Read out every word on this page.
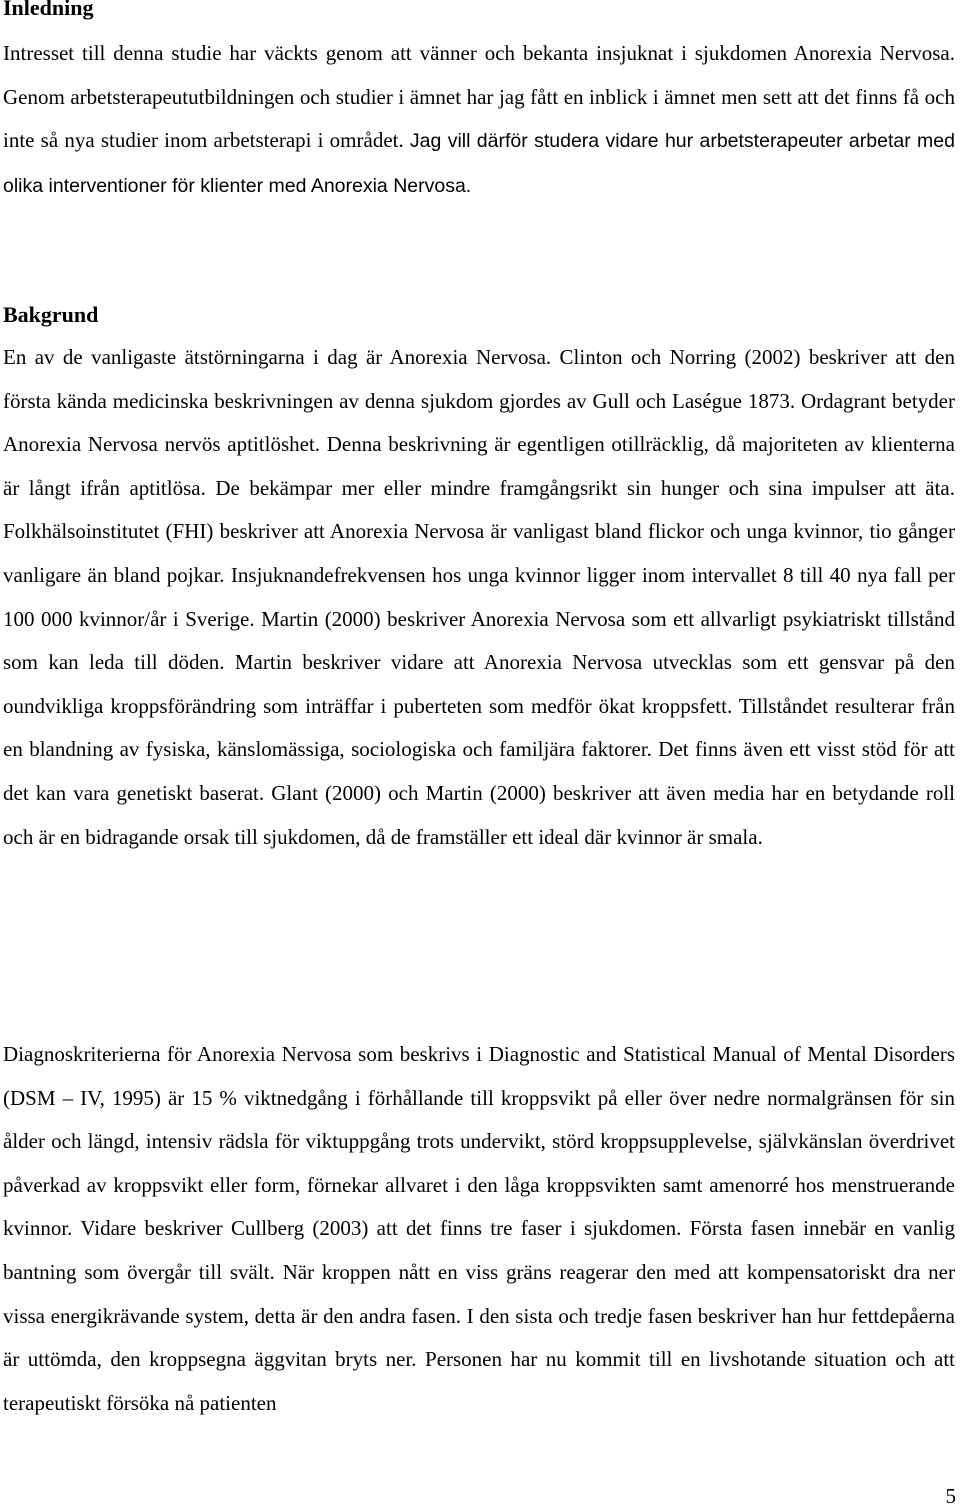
Inledning

Intresset till denna studie har väckts genom att vänner och bekanta insjuknat i sjukdomen Anorexia Nervosa. Genom arbetsterapeututbildningen och studier i ämnet har jag fått en inblick i ämnet men sett att det finns få och inte så nya studier inom arbetsterapi i området. Jag vill därför studera vidare hur arbetsterapeuter arbetar med olika interventioner för klienter med Anorexia Nervosa.

Bakgrund

En av de vanligaste ätstörningarna i dag är Anorexia Nervosa. Clinton och Norring (2002) beskriver att den första kända medicinska beskrivningen av denna sjukdom gjordes av Gull och Laségue 1873. Ordagrant betyder Anorexia Nervosa nervös aptitlöshet. Denna beskrivning är egentligen otillräcklig, då majoriteten av klienterna är långt ifrån aptitlösa. De bekämpar mer eller mindre framgångsrikt sin hunger och sina impulser att äta. Folkhälsoinstitutet (FHI) beskriver att Anorexia Nervosa är vanligast bland flickor och unga kvinnor, tio gånger vanligare än bland pojkar. Insjuknandefrekvensen hos unga kvinnor ligger inom intervallet 8 till 40 nya fall per 100 000 kvinnor/år i Sverige. Martin (2000) beskriver Anorexia Nervosa som ett allvarligt psykiatriskt tillstånd som kan leda till döden. Martin beskriver vidare att Anorexia Nervosa utvecklas som ett gensvar på den oundvikliga kroppsförändring som inträffar i puberteten som medför ökat kroppsfett. Tillståndet resulterar från en blandning av fysiska, känslomässiga, sociologiska och familjära faktorer. Det finns även ett visst stöd för att det kan vara genetiskt baserat. Glant (2000) och Martin (2000) beskriver att även media har en betydande roll och är en bidragande orsak till sjukdomen, då de framställer ett ideal där kvinnor är smala.

Diagnoskriterierna för Anorexia Nervosa som beskrivs i Diagnostic and Statistical Manual of Mental Disorders (DSM – IV, 1995) är 15 % viktnedgång i förhållande till kroppsvikt på eller över nedre normalgränsen för sin ålder och längd, intensiv rädsla för viktuppgång trots undervikt, störd kroppsupplevelse, självkänslan överdrivet påverkad av kroppsvikt eller form, förnekar allvaret i den låga kroppsvikten samt amenorré hos menstruerande kvinnor. Vidare beskriver Cullberg (2003) att det finns tre faser i sjukdomen. Första fasen innebär en vanlig bantning som övergår till svält. När kroppen nått en viss gräns reagerar den med att kompensatoriskt dra ner vissa energikrävande system, detta är den andra fasen. I den sista och tredje fasen beskriver han hur fettdepåerna är uttömda, den kroppsegna äggvitan bryts ner. Personen har nu kommit till en livshotande situation och att terapeutiskt försöka nå patienten

5
